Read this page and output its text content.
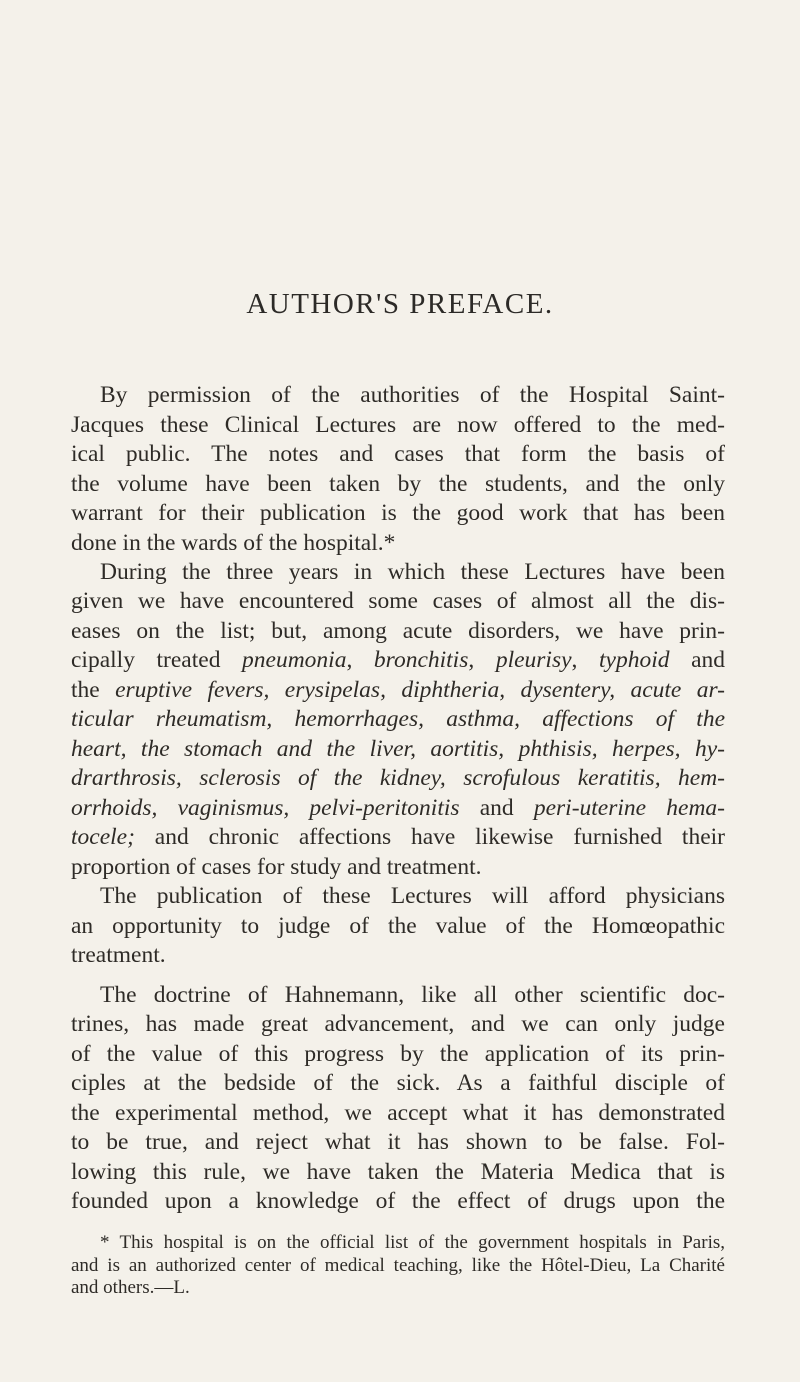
AUTHOR'S PREFACE.
By permission of the authorities of the Hospital Saint-
Jacques these Clinical Lectures are now offered to the med-
ical public. The notes and cases that form the basis of
the volume have been taken by the students, and the only
warrant for their publication is the good work that has been
done in the wards of the hospital.*
During the three years in which these Lectures have been
given we have encountered some cases of almost all the dis-
eases on the list; but, among acute disorders, we have prin-
cipally treated pneumonia, bronchitis, pleurisy, typhoid and
the eruptive fevers, erysipelas, diphtheria, dysentery, acute ar-
ticular rheumatism, hemorrhages, asthma, affections of the
heart, the stomach and the liver, aortitis, phthisis, herpes, hy-
drarthrosis, sclerosis of the kidney, scrofulous keratitis, hem-
orrhoids, vaginismus, pelvi-peritonitis and peri-uterine hema-
tocele; and chronic affections have likewise furnished their
proportion of cases for study and treatment.
The publication of these Lectures will afford physicians
an opportunity to judge of the value of the Homœopathic
treatment.
The doctrine of Hahnemann, like all other scientific doc-
trines, has made great advancement, and we can only judge
of the value of this progress by the application of its prin-
ciples at the bedside of the sick. As a faithful disciple of
the experimental method, we accept what it has demonstrated
to be true, and reject what it has shown to be false. Fol-
lowing this rule, we have taken the Materia Medica that is
founded upon a knowledge of the effect of drugs upon the
* This hospital is on the official list of the government hospitals in Paris,
and is an authorized center of medical teaching, like the Hôtel-Dieu, La Charité
and others.—L.
